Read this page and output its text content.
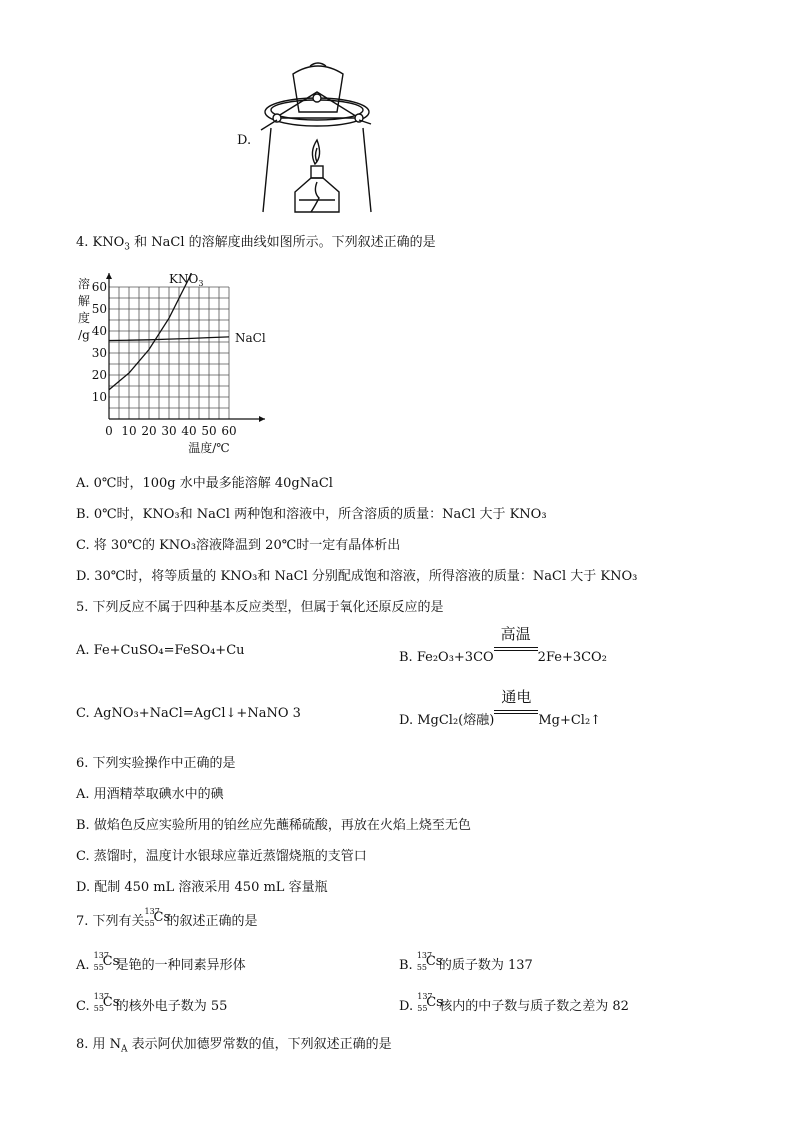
D.
4. $KNO_3$ 和 NaCl 的溶解度曲线如图所示。下列叙述正确的是
0 10 20 30 40 50 60
10
20
30
40
50
60
溶
解
度
/g
温度/℃
$KNO_3$
NaCl
A. 0℃时，100g 水中最多能溶解 40gNaCl
B. 0℃时，KNO₃和 NaCl 两种饱和溶液中，所含溶质的质量：NaCl 大于 KNO₃
C. 将 30℃的 KNO₃溶液降温到 20℃时一定有晶体析出
D. 30℃时，将等质量的 KNO₃和 NaCl 分别配成饱和溶液，所得溶液的质量：NaCl 大于 KNO₃
5. 下列反应不属于四种基本反应类型，但属于氧化还原反应的是
A. Fe+CuSO₄=FeSO₄+Cu	B. Fe₂O₃+3CO
高温
2Fe+3CO₂
C. AgNO₃+NaCl=AgCl↓+NaNO 3	D. MgCl₂(熔融)
通电
Mg+Cl₂↑
6. 下列实验操作中正确的是
A. 用酒精萃取碘水中的碘
B. 做焰色反应实验所用的铂丝应先蘸稀硫酸，再放在火焰上烧至无色
C. 蒸馏时，温度计水银球应靠近蒸馏烧瓶的支管口
D. 配制 450 mL 溶液采用 450 mL 容量瓶
7. 下列有关
137
55
Cs
的叙述正确的是
A.
137
55
Cs
是铯的一种同素异形体	B.
137
55
Cs
的质子数为 137
C.
137
55
Cs
的核外电子数为 55	D.
137
55
Cs
核内的中子数与质子数之差为 82
8. 用 $N_A$ 表示阿伏加德罗常数的值，下列叙述正确的是
